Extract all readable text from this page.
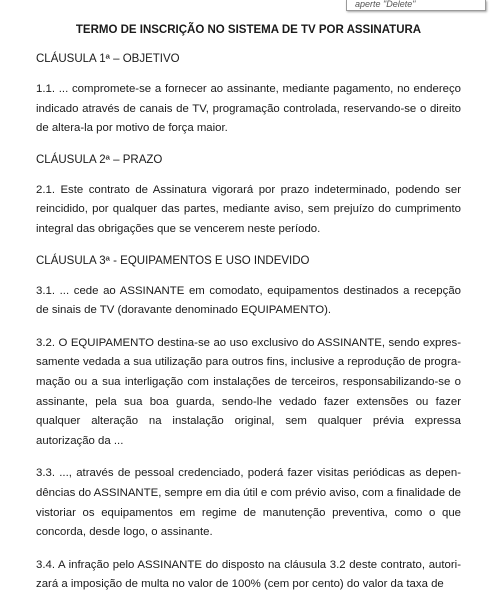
aperte "Delete"
TERMO DE INSCRIÇÃO NO SISTEMA DE TV POR ASSINATURA
CLÁUSULA 1ª – OBJETIVO

1.1. ... compromete-se a fornecer ao assinante, mediante pagamento, no endereço indicado através de canais de TV, programação controlada, reservando-se o direito de altera-la por motivo de força maior.

CLÁUSULA 2ª – PRAZO

2.1. Este contrato de Assinatura vigorará por prazo indeterminado, podendo ser reincidido, por qualquer das partes, mediante aviso, sem prejuízo do cumprimento integral das obrigações que se vencerem neste período.

CLÁUSULA 3ª - EQUIPAMENTOS E USO INDEVIDO

3.1. ... cede ao ASSINANTE em comodato, equipamentos destinados a recepção de sinais de TV (doravante denominado EQUIPAMENTO).

3.2. O EQUIPAMENTO destina-se ao uso exclusivo do ASSINANTE, sendo expressamente vedada a sua utilização para outros fins, inclusive a reprodução de programação ou a sua interligação com instalações de terceiros, responsabilizando-se o assinante, pela sua boa guarda, sendo-lhe vedado fazer extensões ou fazer qualquer alteração na instalação original, sem qualquer prévia expressa autorização da ...

3.3. ..., através de pessoal credenciado, poderá fazer visitas periódicas as dependências do ASSINANTE, sempre em dia útil e com prévio aviso, com a finalidade de vistoriar os equipamentos em regime de manutenção preventiva, como o que concorda, desde logo, o assinante.

3.4. A infração pelo ASSINANTE do disposto na cláusula 3.2 deste contrato, autorizará a imposição de multa no valor de 100% (cem por cento) do valor da taxa de
